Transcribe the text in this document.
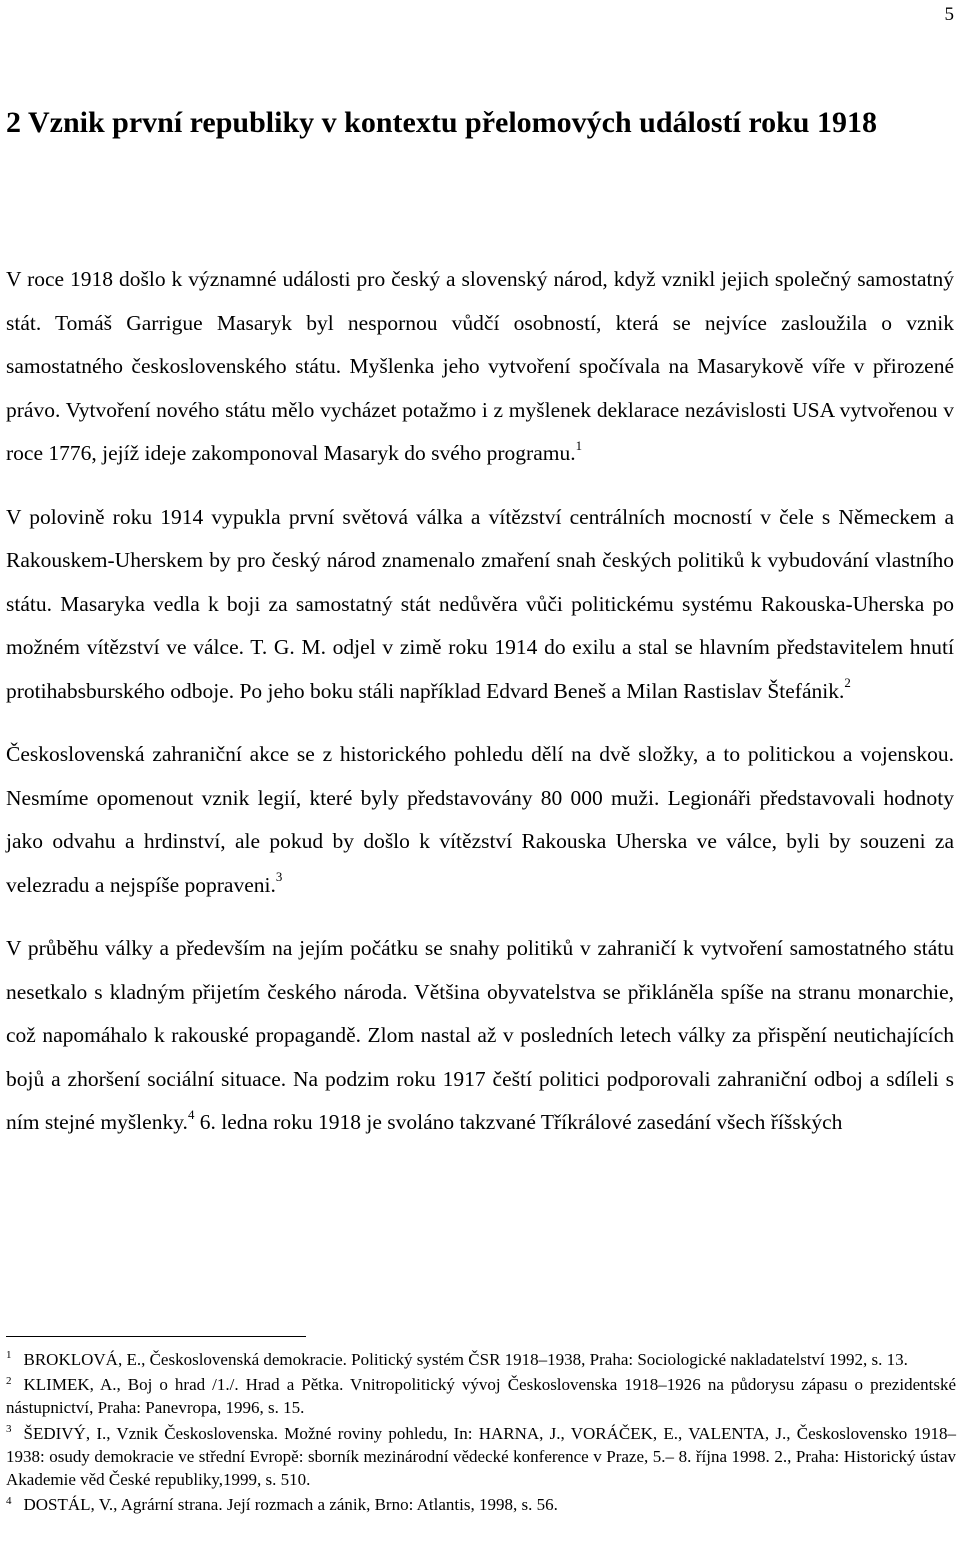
5
2 Vznik první republiky v kontextu přelomových událostí roku 1918

V roce 1918 došlo k významné události pro český a slovenský národ, když vznikl jejich společný samostatný stát. Tomáš Garrigue Masaryk byl nespornou vůdčí osobností, která se nejvíce zasloužila o vznik samostatného československého státu. Myšlenka jeho vytvoření spočívala na Masarykově víře v přirozené právo. Vytvoření nového státu mělo vycházet potažmo i z myšlenek deklarace nezávislosti USA vytvořenou v roce 1776, jejíž ideje zakomponoval Masaryk do svého programu.$^1$

V polovině roku 1914 vypukla první světová válka a vítězství centrálních mocností v čele s Německem a Rakouskem-Uherskem by pro český národ znamenalo zmaření snah českých politiků k vybudování vlastního státu. Masaryka vedla k boji za samostatný stát nedůvěra vůči politickému systému Rakouska-Uherska po možném vítězství ve válce. T. G. M. odjel v zimě roku 1914 do exilu a stal se hlavním představitelem hnutí protihabsburského odboje. Po jeho boku stáli například Edvard Beneš a Milan Rastislav Štefánik.$^2$

Československá zahraniční akce se z historického pohledu dělí na dvě složky, a to politickou a vojenskou. Nesmíme opomenout vznik legií, které byly představovány 80 000 muži. Legionáři představovali hodnoty jako odvahu a hrdinství, ale pokud by došlo k vítězství Rakouska Uherska ve válce, byli by souzeni za velezradu a nejspíše popraveni.$^3$

V průběhu války a především na jejím počátku se snahy politiků v zahraničí k vytvoření samostatného státu nesetkalo s kladným přijetím českého národa. Většina obyvatelstva se přikláněla spíše na stranu monarchie, což napomáhalo k rakouské propagandě. Zlom nastal až v posledních letech války za přispění neutichajících bojů a zhoršení sociální situace. Na podzim roku 1917 čeští politici podporovali zahraniční odboj a sdíleli s ním stejné myšlenky.$^4$ 6. ledna roku 1918 je svoláno takzvané Tříkrálové zasedání všech říšských

$^1$ BROKLOVÁ, E., Československá demokracie. Politický systém ČSR 1918–1938, Praha: Sociologické nakladatelství 1992, s. 13.

$^2$ KLIMEK, A., Boj o hrad /1./. Hrad a Pětka. Vnitropolitický vývoj Československa 1918–1926 na půdorysu zápasu o prezidentské nástupnictví, Praha: Panevropa, 1996, s. 15.

$^3$ ŠEDIVÝ, I., Vznik Československa. Možné roviny pohledu, In: HARNA, J., VORÁČEK, E., VALENTA, J., Československo 1918–1938: osudy demokracie ve střední Evropě: sborník mezinárodní vědecké konference v Praze, 5.– 8. října 1998. 2., Praha: Historický ústav Akademie věd České republiky,1999, s. 510.

$^4$ DOSTÁL, V., Agrární strana. Její rozmach a zánik, Brno: Atlantis, 1998, s. 56.
